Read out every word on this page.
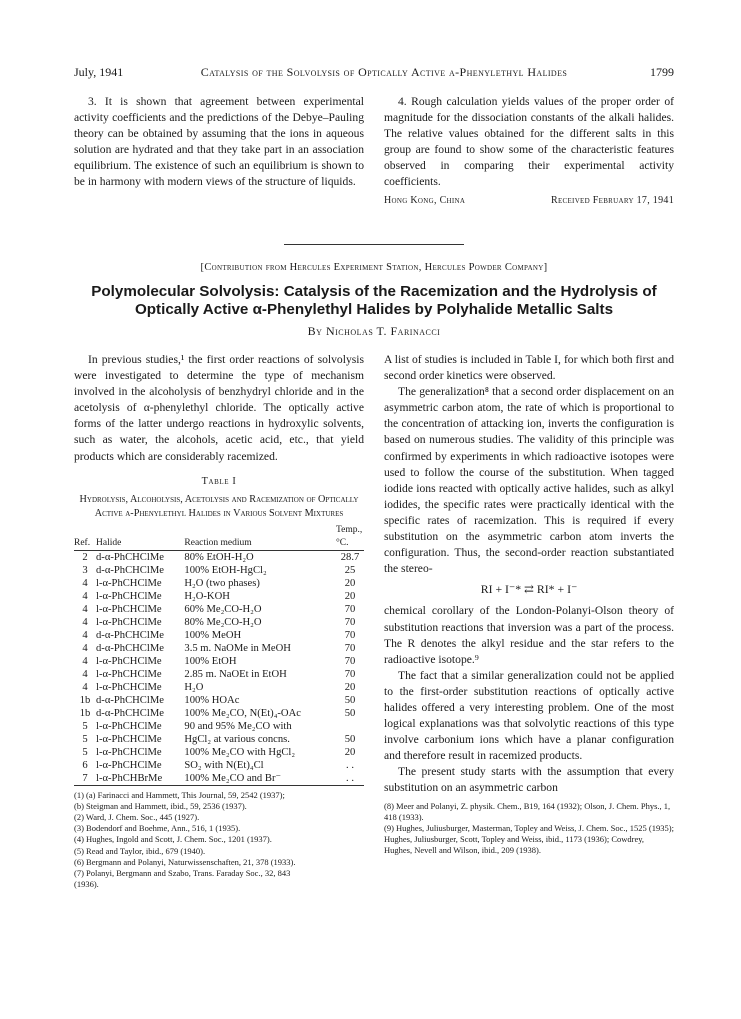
July, 1941	Catalysis of the Solvolysis of Optically Active α-Phenylethyl Halides	1799

3. It is shown that agreement between experimental activity coefficients and the predictions of the Debye–Pauling theory can be obtained by assuming that the ions in aqueous solution are hydrated and that they take part in an association equilibrium. The existence of such an equilibrium is shown to be in harmony with modern views of the structure of liquids.

4. Rough calculation yields values of the proper order of magnitude for the dissociation constants of the alkali halides. The relative values obtained for the different salts in this group are found to show some of the characteristic features observed in comparing their experimental activity coefficients.

Hong Kong, China	Received February 17, 1941
[Contribution from Hercules Experiment Station, Hercules Powder Company]
Polymolecular Solvolysis: Catalysis of the Racemization and the Hydrolysis of Optically Active α-Phenylethyl Halides by Polyhalide Metallic Salts
By Nicholas T. Farinacci

In previous studies,¹ the first order reactions of solvolysis were investigated to determine the type of mechanism involved in the alcoholysis of benzhydryl chloride and in the acetolysis of α-phenylethyl chloride. The optically active forms of the latter undergo reactions in hydroxylic solvents, such as water, the alcohols, acetic acid, etc., that yield products which are considerably racemized.

Table I
Hydrolysis, Alcoholysis, Acetolysis and Racemization of Optically Active α-Phenylethyl Halides in Various Solvent Mixtures
Ref.	Halide	Reaction medium	Temp., °C.
2	d-α-PhCHClMe	80% EtOH-H₂O	28.7
3	d-α-PhCHClMe	100% EtOH-HgCl₂	25
4	l-α-PhCHClMe	H₂O (two phases)	20
4	l-α-PhCHClMe	H₂O-KOH	20
4	l-α-PhCHClMe	60% Me₂CO-H₂O	70
4	l-α-PhCHClMe	80% Me₂CO-H₂O	70
4	d-α-PhCHClMe	100% MeOH	70
4	d-α-PhCHClMe	3.5 m. NaOMe in MeOH	70
4	l-α-PhCHClMe	100% EtOH	70
4	l-α-PhCHClMe	2.85 m. NaOEt in EtOH	70
4	l-α-PhCHClMe	H₂O	20
1b	d-α-PhCHClMe	100% HOAc	50
1b	d-α-PhCHClMe	100% Me₂CO, N(Et)₄-OAc	50
5	l-α-PhCHClMe	90 and 95% Me₂CO with	
5	l-α-PhCHClMe	HgCl₂ at various concns.	50
5	l-α-PhCHClMe	100% Me₂CO with HgCl₂	20
6	l-α-PhCHClMe	SO₂ with N(Et)₄Cl	. .
7	l-α-PhCHBrMe	100% Me₂CO and Br⁻	. .
(1) (a) Farinacci and Hammett, This Journal, 59, 2542 (1937);
(b) Steigman and Hammett, ibid., 59, 2536 (1937).
(2) Ward, J. Chem. Soc., 445 (1927).
(3) Bodendorf and Boehme, Ann., 516, 1 (1935).
(4) Hughes, Ingold and Scott, J. Chem. Soc., 1201 (1937).
(5) Read and Taylor, ibid., 679 (1940).
(6) Bergmann and Polanyi, Naturwissenschaften, 21, 378 (1933).
(7) Polanyi, Bergmann and Szabo, Trans. Faraday Soc., 32, 843
(1936).

A list of studies is included in Table I, for which both first and second order kinetics were observed.

The generalization⁸ that a second order displacement on an asymmetric carbon atom, the rate of which is proportional to the concentration of attacking ion, inverts the configuration is based on numerous studies. The validity of this principle was confirmed by experiments in which radioactive isotopes were used to follow the course of the substitution. When tagged iodide ions reacted with optically active halides, such as alkyl iodides, the specific rates were practically identical with the specific rates of racemization. This is required if every substitution on the asymmetric carbon atom inverts the configuration. Thus, the second-order reaction substantiated the stereo-

RI + I⁻* ⇄ RI* + I⁻

chemical corollary of the London-Polanyi-Olson theory of substitution reactions that inversion was a part of the process. The R denotes the alkyl residue and the star refers to the radioactive isotope.⁹

The fact that a similar generalization could not be applied to the first-order substitution reactions of optically active halides offered a very interesting problem. One of the most logical explanations was that solvolytic reactions of this type involve carbonium ions which have a planar configuration and therefore result in racemized products.

The present study starts with the assumption that every substitution on an asymmetric carbon

(8) Meer and Polanyi, Z. physik. Chem., B19, 164 (1932); Olson, J. Chem. Phys., 1, 418 (1933).
(9) Hughes, Juliusburger, Masterman, Topley and Weiss, J. Chem. Soc., 1525 (1935); Hughes, Juliusburger, Scott, Topley and Weiss, ibid., 1173 (1936); Cowdrey, Hughes, Nevell and Wilson, ibid., 209 (1938).
